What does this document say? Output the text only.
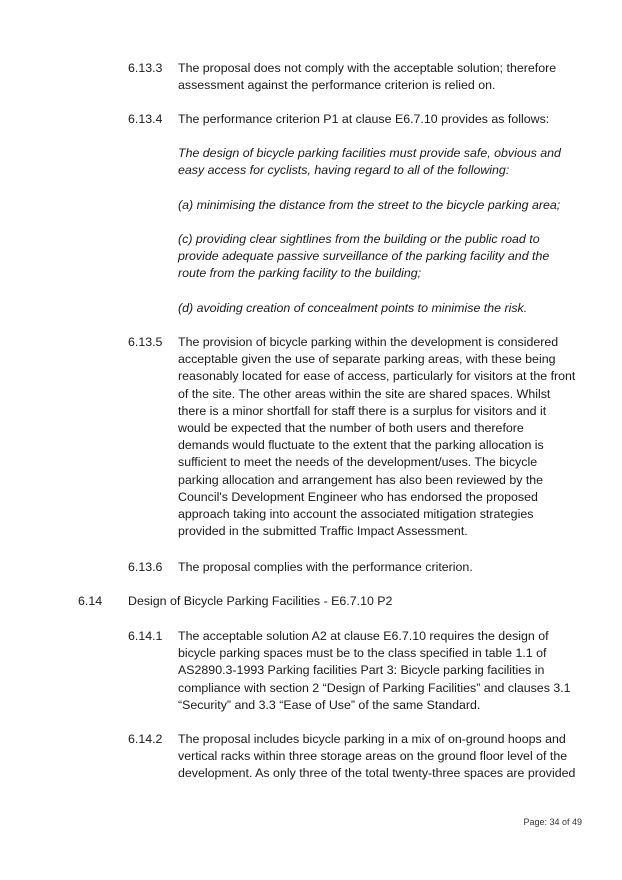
6.13.3	The proposal does not comply with the acceptable solution; therefore assessment against the performance criterion is relied on.
6.13.4	The performance criterion P1 at clause E6.7.10 provides as follows:
The design of bicycle parking facilities must provide safe, obvious and easy access for cyclists, having regard to all of the following:
(a) minimising the distance from the street to the bicycle parking area;
(c) providing clear sightlines from the building or the public road to provide adequate passive surveillance of the parking facility and the route from the parking facility to the building;
(d) avoiding creation of concealment points to minimise the risk.
6.13.5	The provision of bicycle parking within the development is considered acceptable given the use of separate parking areas, with these being reasonably located for ease of access, particularly for visitors at the front of the site. The other areas within the site are shared spaces. Whilst there is a minor shortfall for staff there is a surplus for visitors and it would be expected that the number of both users and therefore demands would fluctuate to the extent that the parking allocation is sufficient to meet the needs of the development/uses. The bicycle parking allocation and arrangement has also been reviewed by the Council's Development Engineer who has endorsed the proposed approach taking into account the associated mitigation strategies provided in the submitted Traffic Impact Assessment.
6.13.6	The proposal complies with the performance criterion.
6.14 Design of Bicycle Parking Facilities - E6.7.10 P2
6.14.1	The acceptable solution A2 at clause E6.7.10 requires the design of bicycle parking spaces must be to the class specified in table 1.1 of AS2890.3-1993 Parking facilities Part 3: Bicycle parking facilities in compliance with section 2 “Design of Parking Facilities” and clauses 3.1 “Security” and 3.3 “Ease of Use” of the same Standard.
6.14.2	The proposal includes bicycle parking in a mix of on-ground hoops and vertical racks within three storage areas on the ground floor level of the development. As only three of the total twenty-three spaces are provided
Page: 34 of 49
